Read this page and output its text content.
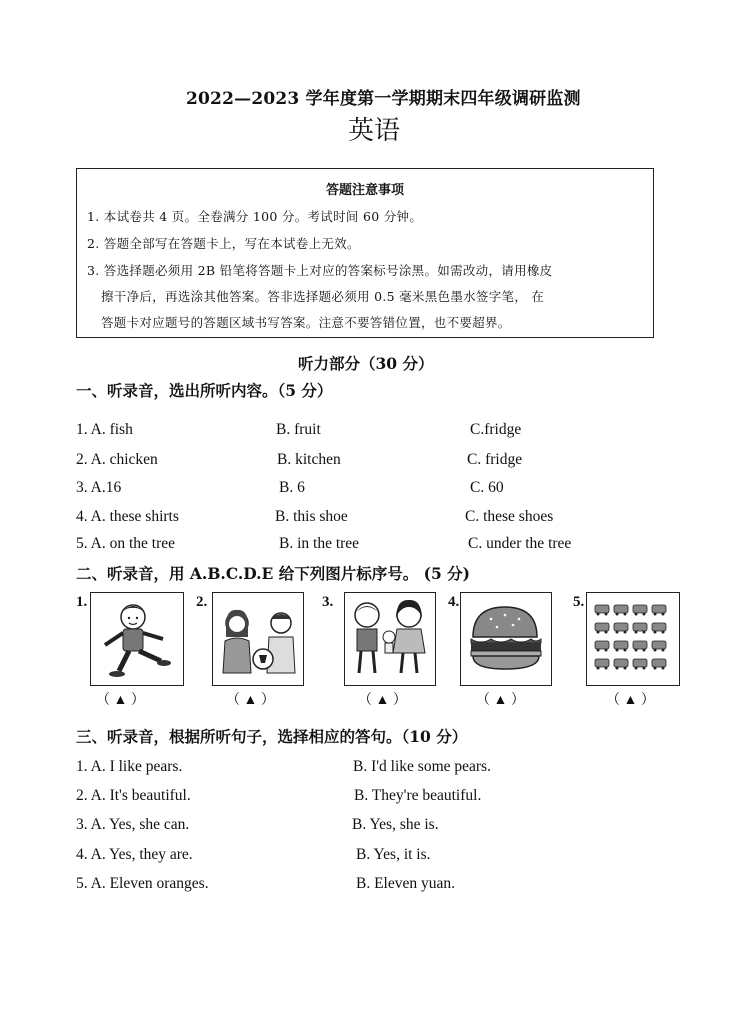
2022—2023 学年度第一学期期末四年级调研监测
英语
答题注意事项
1. 本试卷共 4 页。全卷满分 100 分。考试时间 60 分钟。
2. 答题全部写在答题卡上，写在本试卷上无效。
3. 答选择题必须用 2B 铅笔将答题卡上对应的答案标号涂黑。如需改动，请用橡皮
擦干净后，再选涂其他答案。答非选择题必须用 0.5 毫米黑色墨水签字笔， 在
答题卡对应题号的答题区域书写答案。注意不要答错位置，也不要超界。
听力部分（30 分）
一、听录音，选出所听内容。（5 分）
1. A. fish	B. fruit	C.fridge
2. A. chicken	B. kitchen	C. fridge
3. A.16	B. 6	C. 60
4. A. these shirts	B. this shoe	C. these shoes
5. A. on the tree	B. in the tree	C. under the tree
二、听录音，用 A.B.C.D.E 给下列图片标序号。 (5 分)
1.
（ ▲ ）
2.
（ ▲ ）
3.
（ ▲ ）
4.
（ ▲ ）
5.
（ ▲ ）
三、听录音，根据所听句子，选择相应的答句。（10 分）
1. A. I like pears.	B. I'd like some pears.
2. A. It's beautiful.	B. They're beautiful.
3. A. Yes, she can.	B. Yes, she is.
4. A. Yes, they are.	B. Yes, it is.
5. A. Eleven oranges.	B. Eleven yuan.
